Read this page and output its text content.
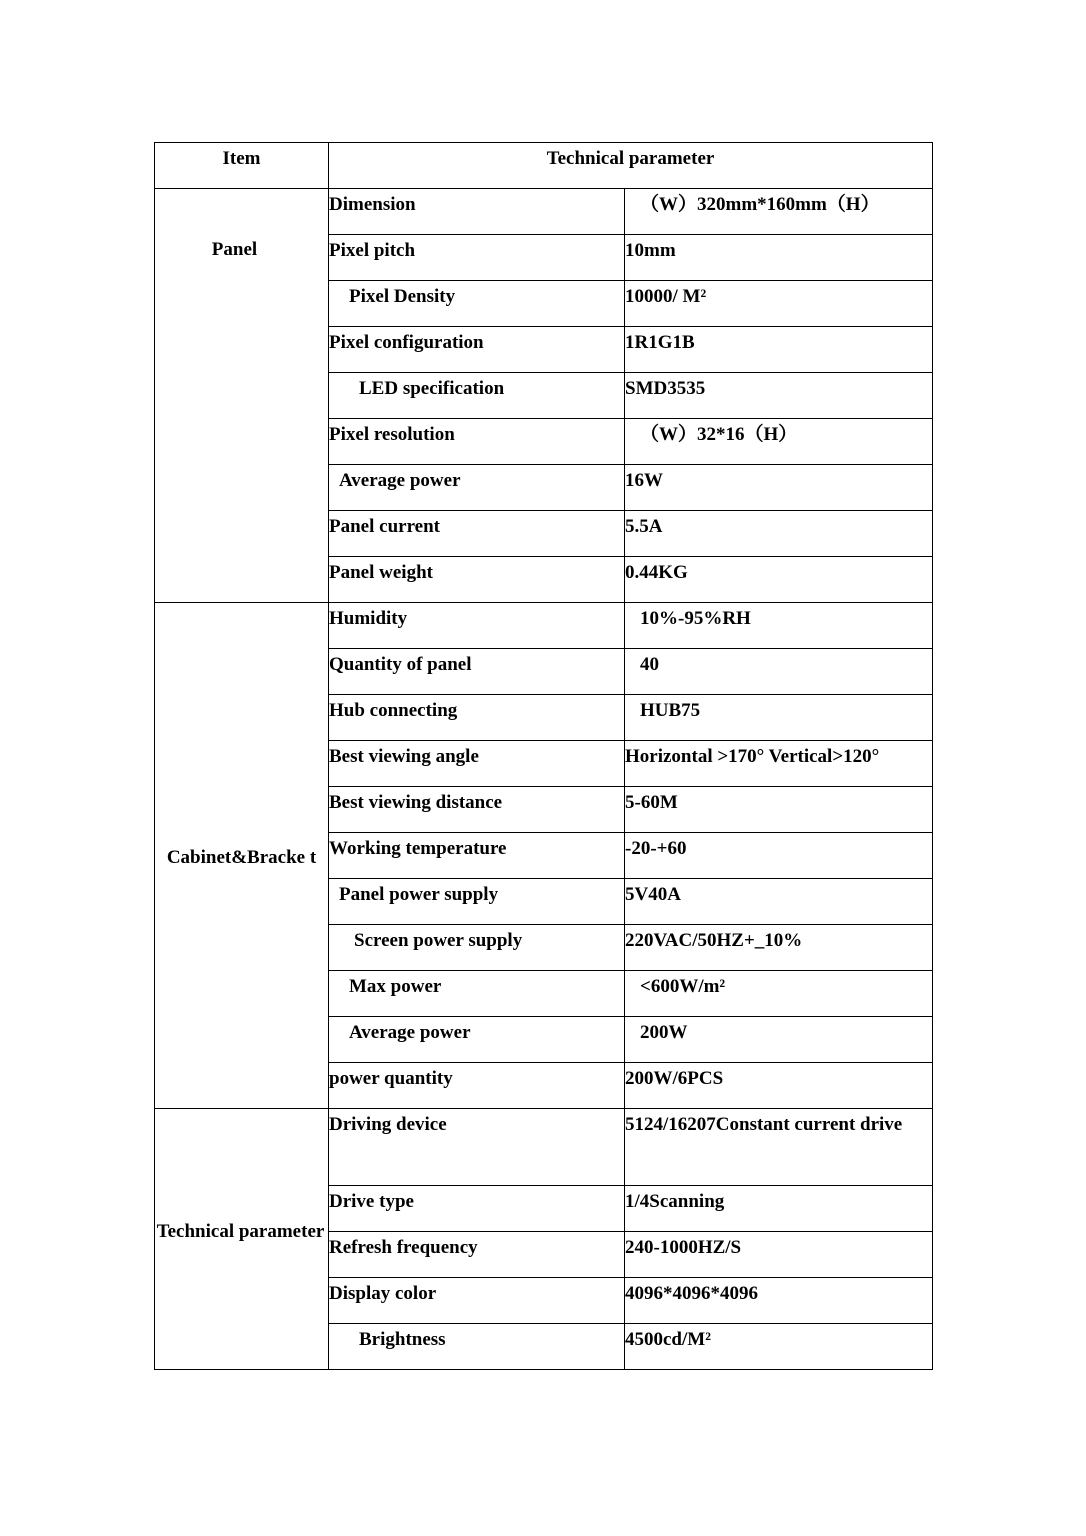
Item	Technical parameter	
Panel	Dimension	（W）320mm*160mm（H）
	Pixel pitch	10mm
	Pixel Density	10000/ M²
	Pixel configuration	1R1G1B
	LED specification	SMD3535
	Pixel resolution	（W）32*16（H）
	Average power	16W
	Panel current	5.5A
	Panel weight	0.44KG
Cabinet&Bracke t	Humidity	10%-95%RH
	Quantity of panel	40
	Hub connecting	HUB75
	Best viewing angle	Horizontal >170° Vertical>120°
	Best viewing distance	5-60M
	Working temperature	-20-+60
	Panel power supply	5V40A
	Screen power supply	220VAC/50HZ+_10%
	Max power	<600W/m²
	Average power	200W
	power quantity	200W/6PCS
Technical parameter	Driving device	5124/16207Constant current drive
	Drive type	1/4Scanning
	Refresh frequency	240-1000HZ/S
	Display color	4096*4096*4096
	Brightness	4500cd/M²
